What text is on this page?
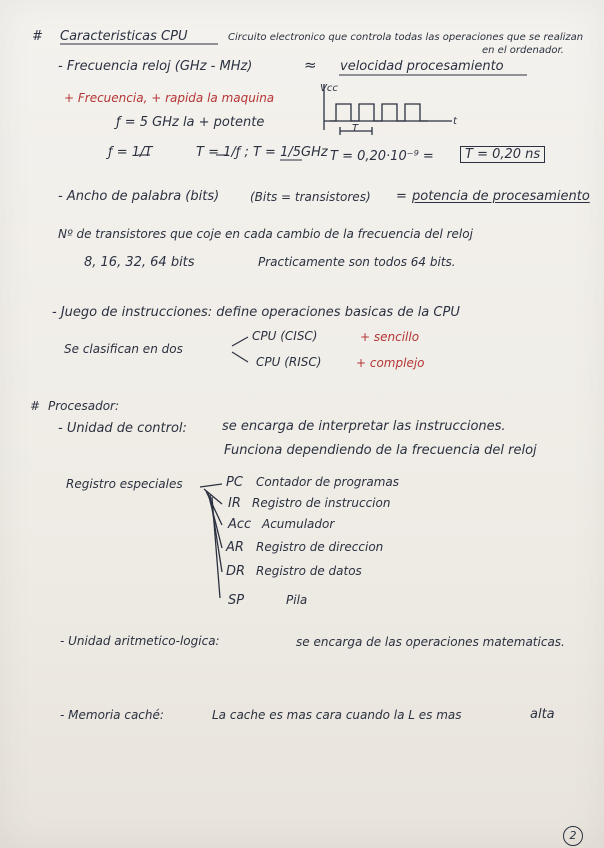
# Caracteristicas CPU	Circuito electronico que controla todas las operaciones que se realizan
en el ordenador.
- Frecuencia reloj (GHz - MHz)	≈ velocidad procesamiento
+ Frecuencia, + rapida la maquina
Vcc
t
T
ƒ = 5 GHz la + potente
ƒ = 1/T	T = 1/ƒ ; T = 1/5GHz T = 0,20·10⁻⁹ =	T = 0,20 ns
- Ancho de palabra (bits)	(Bits = transistores) = potencia de procesamiento
Nº de transistores que coje en cada cambio de la frecuencia del reloj
8, 16, 32, 64 bits	Practicamente son todos 64 bits.
- Juego de instrucciones: define operaciones basicas de la CPU
Se clasifican en dos
CPU (CISC)	+ sencillo
CPU (RISC)	+ complejo
# Procesador:
- Unidad de control:	se encarga de interpretar las instrucciones.
Funciona dependiendo de la frecuencia del reloj
Registro especiales	PC Contador de programas
IR Registro de instruccion
Acc Acumulador
AR Registro de direccion
DR Registro de datos
SP	Pila
- Unidad aritmetico-logica:	se encarga de las operaciones matematicas.
- Memoria caché:	La cache es mas cara cuando la L es mas	alta
2
